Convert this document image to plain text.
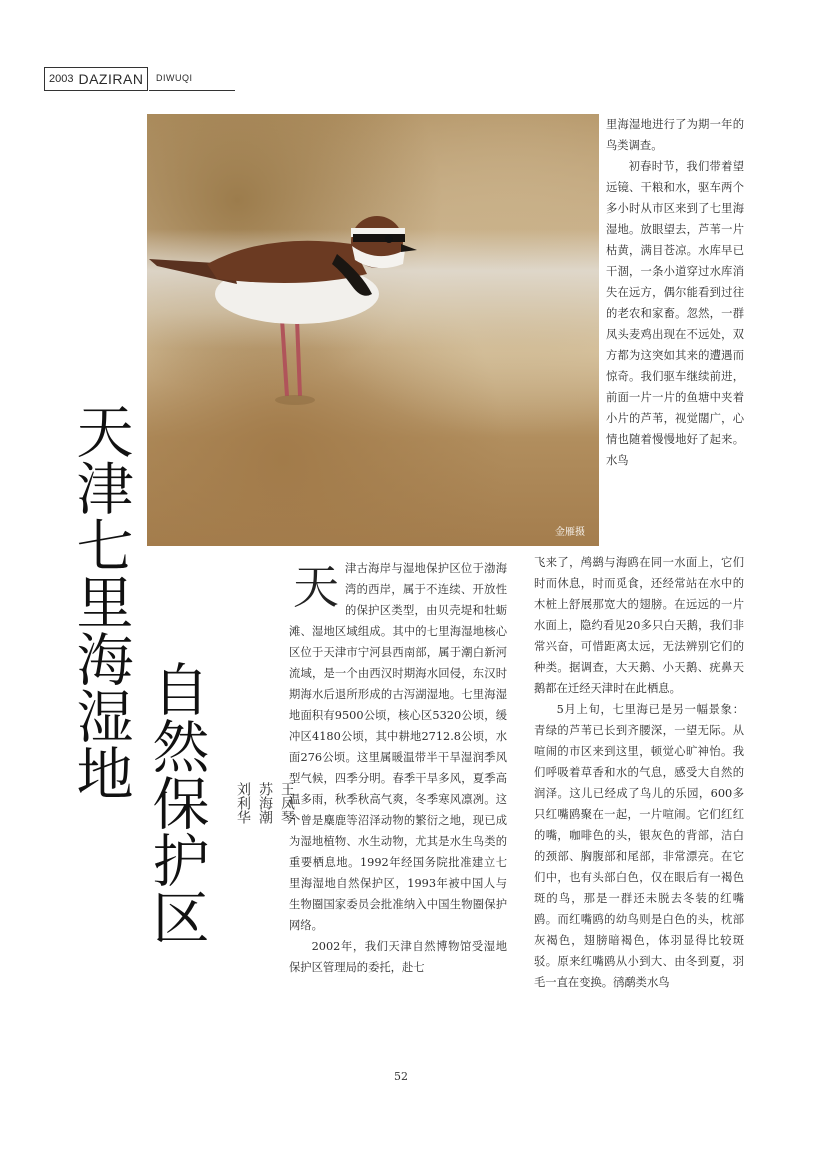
2003 DAZIRAN DIWUQI
金雁摄
天津七里海湿地
自然保护区	王凤琴
苏海潮
刘利华
天 津古海岸与湿地保护区位于渤海湾的西岸，属于不连续、开放性的保护区类型，由贝壳堤和牡蛎滩、湿地区域组成。其中的七里海湿地核心区位于天津市宁河县西南部，属于潮白新河流域，是一个由西汉时期海水回侵，东汉时期海水后退所形成的古泻湖湿地。七里海湿地面积有9500公顷，核心区5320公顷，缓冲区4180公顷，其中耕地2712.8公顷，水面276公顷。这里属暖温带半干旱湿润季风型气候，四季分明。春季干旱多风，夏季高温多雨，秋季秋高气爽，冬季寒风凛冽。这个曾是麋鹿等沼泽动物的繁衍之地，现已成为湿地植物、水生动物，尤其是水生鸟类的重要栖息地。1992年经国务院批准建立七里海湿地自然保护区，1993年被中国人与生物圈国家委员会批准纳入中国生物圈保护网络。

2002年，我们天津自然博物馆受湿地保护区管理局的委托，赴七

里海湿地进行了为期一年的鸟类调查。

初春时节，我们带着望远镜、干粮和水，驱车两个多小时从市区来到了七里海湿地。放眼望去，芦苇一片枯黄，满目苍凉。水库早已干涸，一条小道穿过水库消失在远方，偶尔能看到过往的老农和家畜。忽然，一群凤头麦鸡出现在不远处，双方都为这突如其来的遭遇而惊奇。我们驱车继续前进，前面一片一片的鱼塘中夹着小片的芦苇，视觉闊广，心情也随着慢慢地好了起来。水鸟

飞来了，鸬鹚与海鸥在同一水面上，它们时而休息，时而觅食，还经常站在水中的木桩上舒展那宽大的翅膀。在远远的一片水面上，隐约看见20多只白天鹅，我们非常兴奋，可惜距离太远，无法辨别它们的种类。据调查，大天鹅、小天鹅、疣鼻天鹅都在迁经天津时在此栖息。

5月上旬，七里海已是另一幅景象：青绿的芦苇已长到齐腰深，一望无际。从喧闹的市区来到这里，顿觉心旷神怡。我们呼吸着草香和水的气息，感受大自然的润泽。这儿已经成了鸟儿的乐园，600多只红嘴鸥聚在一起，一片喧闹。它们红红的嘴，咖啡色的头，银灰色的背部，洁白的颈部、胸腹部和尾部，非常漂亮。在它们中，也有头部白色，仅在眼后有一褐色斑的鸟，那是一群还未脱去冬装的红嘴鸥。而红嘴鸥的幼鸟则是白色的头，枕部灰褐色，翅膀暗褐色，体羽显得比较斑驳。原来红嘴鸥从小到大、由冬到夏，羽毛一直在变换。鸻鹬类水鸟

52
